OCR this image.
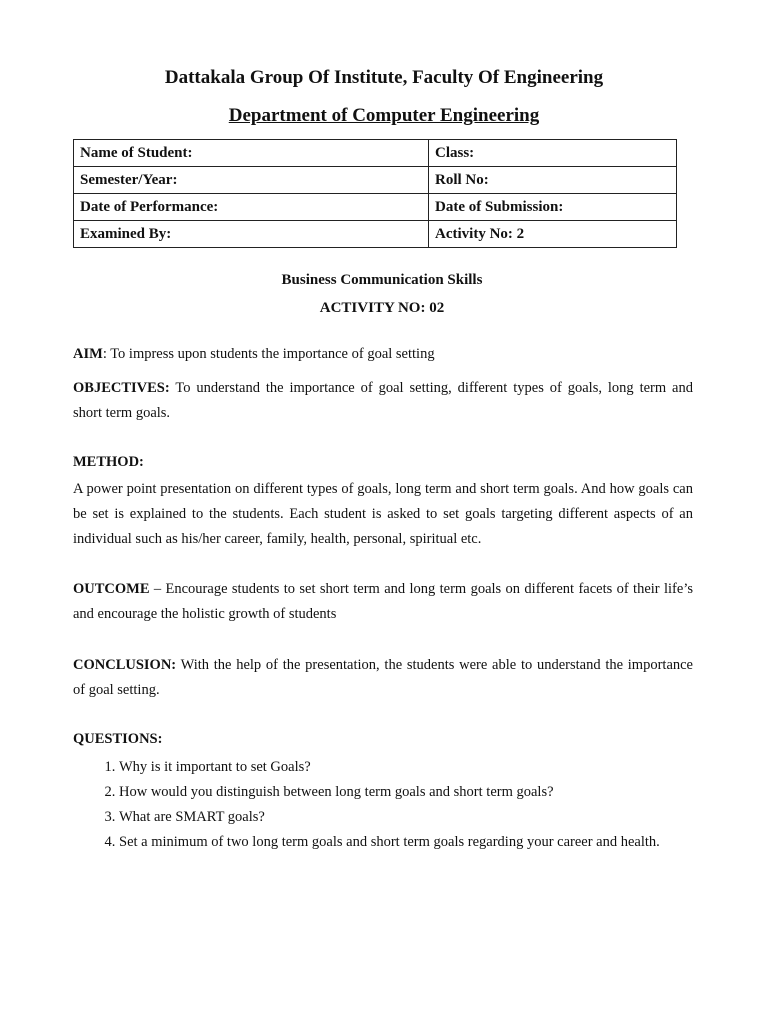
Dattakala Group Of Institute, Faculty Of Engineering
Department of Computer Engineering
Name of Student:	Class:
Semester/Year:	Roll No:
Date of Performance:	Date of Submission:
Examined By:	Activity No: 2
Business Communication Skills
ACTIVITY NO: 02

AIM: To impress upon students the importance of goal setting

OBJECTIVES: To understand the importance of goal setting, different types of goals, long term and short term goals.

METHOD:

A power point presentation on different types of goals, long term and short term goals. And how goals can be set is explained to the students. Each student is asked to set goals targeting different aspects of an individual such as his/her career, family, health, personal, spiritual etc.

OUTCOME – Encourage students to set short term and long term goals on different facets of their life’s and encourage the holistic growth of students

CONCLUSION: With the help of the presentation, the students were able to understand the importance of goal setting.

QUESTIONS:
1. Why is it important to set Goals?
2. How would you distinguish between long term goals and short term goals?
3. What are SMART goals?
4. Set a minimum of two long term goals and short term goals regarding your career and health.
